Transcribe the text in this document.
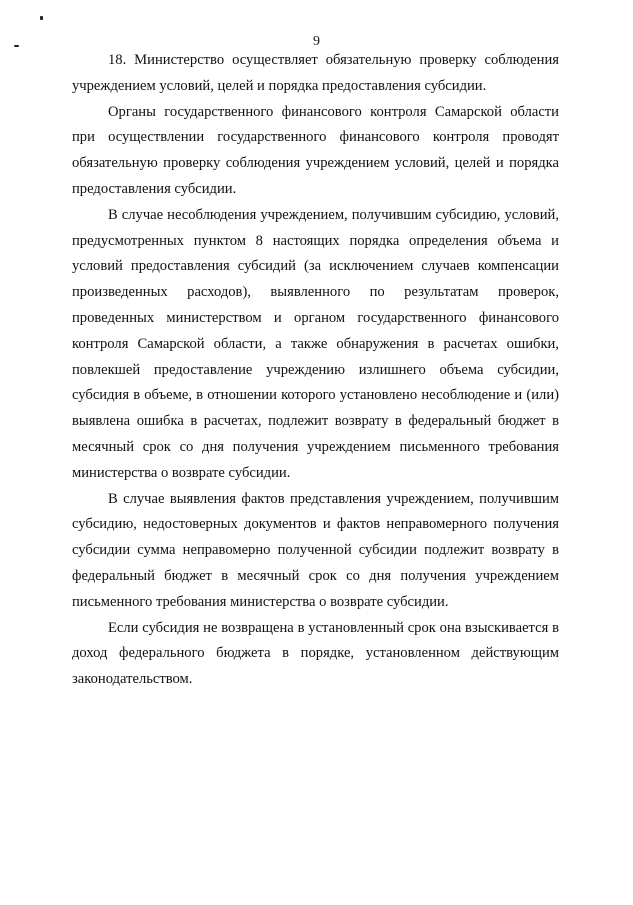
9

18. Министерство осуществляет обязательную проверку соблюдения учреждением условий, целей и порядка предоставления субсидии.

Органы государственного финансового контроля Самарской области при осуществлении государственного финансового контроля проводят обязательную проверку соблюдения учреждением условий, целей и порядка предоставления субсидии.

В случае несоблюдения учреждением, получившим субсидию, условий, предусмотренных пунктом 8 настоящих порядка определения объема и условий предоставления субсидий (за исключением случаев компенсации произведенных расходов), выявленного по результатам проверок, проведенных министерством и органом государственного финансового контроля Самарской области, а также обнаружения в расчетах ошибки, повлекшей предоставление учреждению излишнего объема субсидии, субсидия в объеме, в отношении которого установлено несоблюдение и (или) выявлена ошибка в расчетах, подлежит возврату в федеральный бюджет в месячный срок со дня получения учреждением письменного требования министерства о возврате субсидии.

В случае выявления фактов представления учреждением, получившим субсидию, недостоверных документов и фактов неправомерного получения субсидии сумма неправомерно полученной субсидии подлежит возврату в федеральный бюджет в месячный срок со дня получения учреждением письменного требования министерства о возврате субсидии.

Если субсидия не возвращена в установленный срок она взыскивается в доход федерального бюджета в порядке, установленном действующим законодательством.
